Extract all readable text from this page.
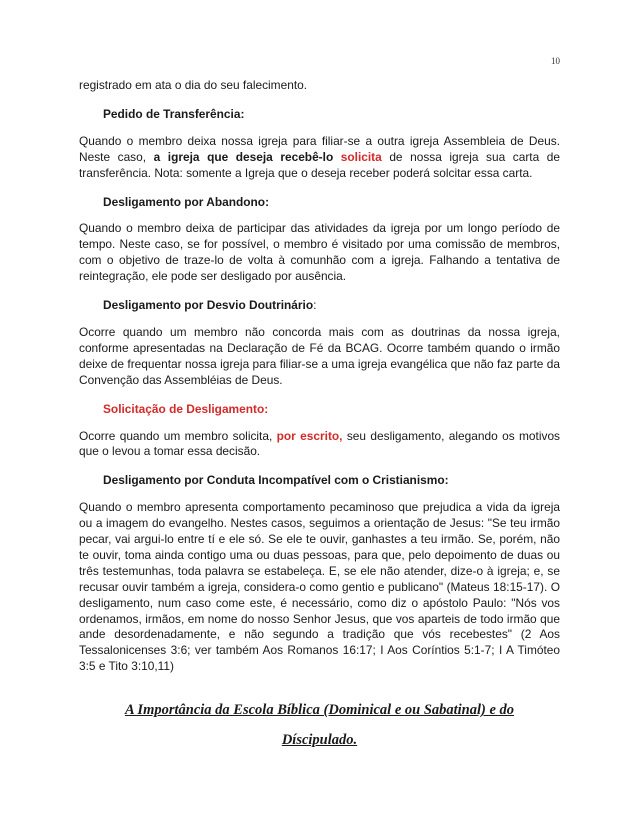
10

registrado em ata o dia do seu falecimento.

Pedido de Transferência:

Quando o membro deixa nossa igreja para filiar-se a outra igreja Assembleia de Deus. Neste caso, a igreja que deseja recebê-lo solicita de nossa igreja sua carta de transferência. Nota: somente a Igreja que o deseja receber poderá solcitar essa carta.

Desligamento por Abandono:

Quando o membro deixa de participar das atividades da igreja por um longo período de tempo. Neste caso, se for possível, o membro é visitado por uma comissão de membros, com o objetivo de traze-lo de volta à comunhão com a igreja. Falhando a tentativa de reintegração, ele pode ser desligado por ausência.

Desligamento por Desvio Doutrinário:

Ocorre quando um membro não concorda mais com as doutrinas da nossa igreja, conforme apresentadas na Declaração de Fé da BCAG. Ocorre também quando o irmão deixe de frequentar nossa igreja para filiar-se a uma igreja evangélica que não faz parte da Convenção das Assembléias de Deus.

Solicitação de Desligamento:

Ocorre quando um membro solicita, por escrito, seu desligamento, alegando os motivos que o levou a tomar essa decisão.

Desligamento por Conduta Incompatível com o Cristianismo:

Quando o membro apresenta comportamento pecaminoso que prejudica a vida da igreja ou a imagem do evangelho. Nestes casos, seguimos a orientação de Jesus: "Se teu irmão pecar, vai argui-lo entre tí e ele só. Se ele te ouvir, ganhastes a teu irmão. Se, porém, não te ouvir, toma ainda contigo uma ou duas pessoas, para que, pelo depoimento de duas ou três testemunhas, toda palavra se estabeleça. E, se ele não atender, dize-o à igreja; e, se recusar ouvir também a igreja, considera-o como gentio e publicano" (Mateus 18:15-17). O desligamento, num caso come este, é necessário, como diz o apóstolo Paulo: "Nós vos ordenamos, irmãos, em nome do nosso Senhor Jesus, que vos aparteis de todo irmão que ande desordenadamente, e não segundo a tradição que vós recebestes" (2 Aos Tessalonicenses 3:6; ver também Aos Romanos 16:17; I Aos Coríntios 5:1-7; I A Timóteo 3:5 e Tito 3:10,11)

A Importância da Escola Bíblica (Dominical e ou Sabatinal) e do

Díscipulado.
